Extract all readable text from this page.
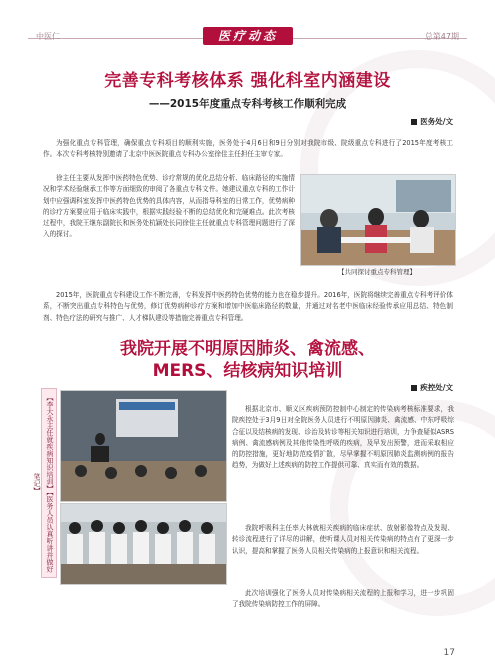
中医仁	医疗动态	总第47期
完善专科考核体系 强化科室内涵建设
——2015年度重点专科考核工作顺利完成
医务处/文

为强化重点专科管理，确保重点专科项目的顺利实施，医务处于4月6日和9日分别对我院市级、院级重点专科进行了2015年度考核工作。本次专科考核特别邀请了北京中医医院重点专科办公室徐佳主任担任主审专家。

徐主任主要从发挥中医药特色优势、诊疗常规的优化总结分析、临床路径的实施情况和学术经验继承工作等方面细致的审阅了各重点专科文件。她建议重点专科的工作计划中应强调科室发挥中医药特色优势的具体内容，从而指导科室的日常工作，优势病种的诊疗方案要应用于临床实践中，根据实践经验不断的总结优化和完硬难点。此次考核过程中，我院王继东副院长和医务处杭颖处长同徐佳主任就重点专科管理问题进行了深入的探讨。

【共同探讨重点专科管理】

2015年，医院重点专科建设工作不断完善，专科发挥中医药特色优势的能力也在稳步提升。2016年，医院将继续完善重点专科考评价体系，不断突出重点专科特色与优势，修订优势病种诊疗方案和增加中医临床路径的数量，并通过对名老中医临床经验传承应用总结、特色制剂、特色疗法的研究与推广、人才梯队建设等措施完善重点专科管理。

我院开展不明原因肺炎、禽流感、
MERS、结核病知识培训
疾控处/文
【李大永主任就疾病知识培训】【医务人员认真听讲并做好笔记】

根据北京市、顺义区疾病预防控制中心制定的传染病考核标准要求，我院疾控处于3月9日对全院医务人员进行不明原因肺炎、禽流感、中东呼吸综合征以及结核病的发现、诊治及转诊等相关知识进行培训，力争查疑似ASRS病例、禽流感病例及其他传染性呼吸的疾病，及早发出预警，进而采取相应的防控措施，更好地防范疫情扩散，尽早掌握不明原因肺炎监测病例的报告趋势，为做好上述疾病的防控工作提供可靠、真实而有效的数据。

我院呼吸科主任率大林就相关疾病的临床症状、放射影像特点及发现、转诊流程进行了详尽的讲解，使听课人员对相关传染病的特点有了更深一步认识，提高和掌握了医务人员相关传染病的上报意识和相关流程。

此次培训强化了医务人员对传染病相关流程的上报和学习，进一步巩固了我院传染病防控工作的屏障。

17
